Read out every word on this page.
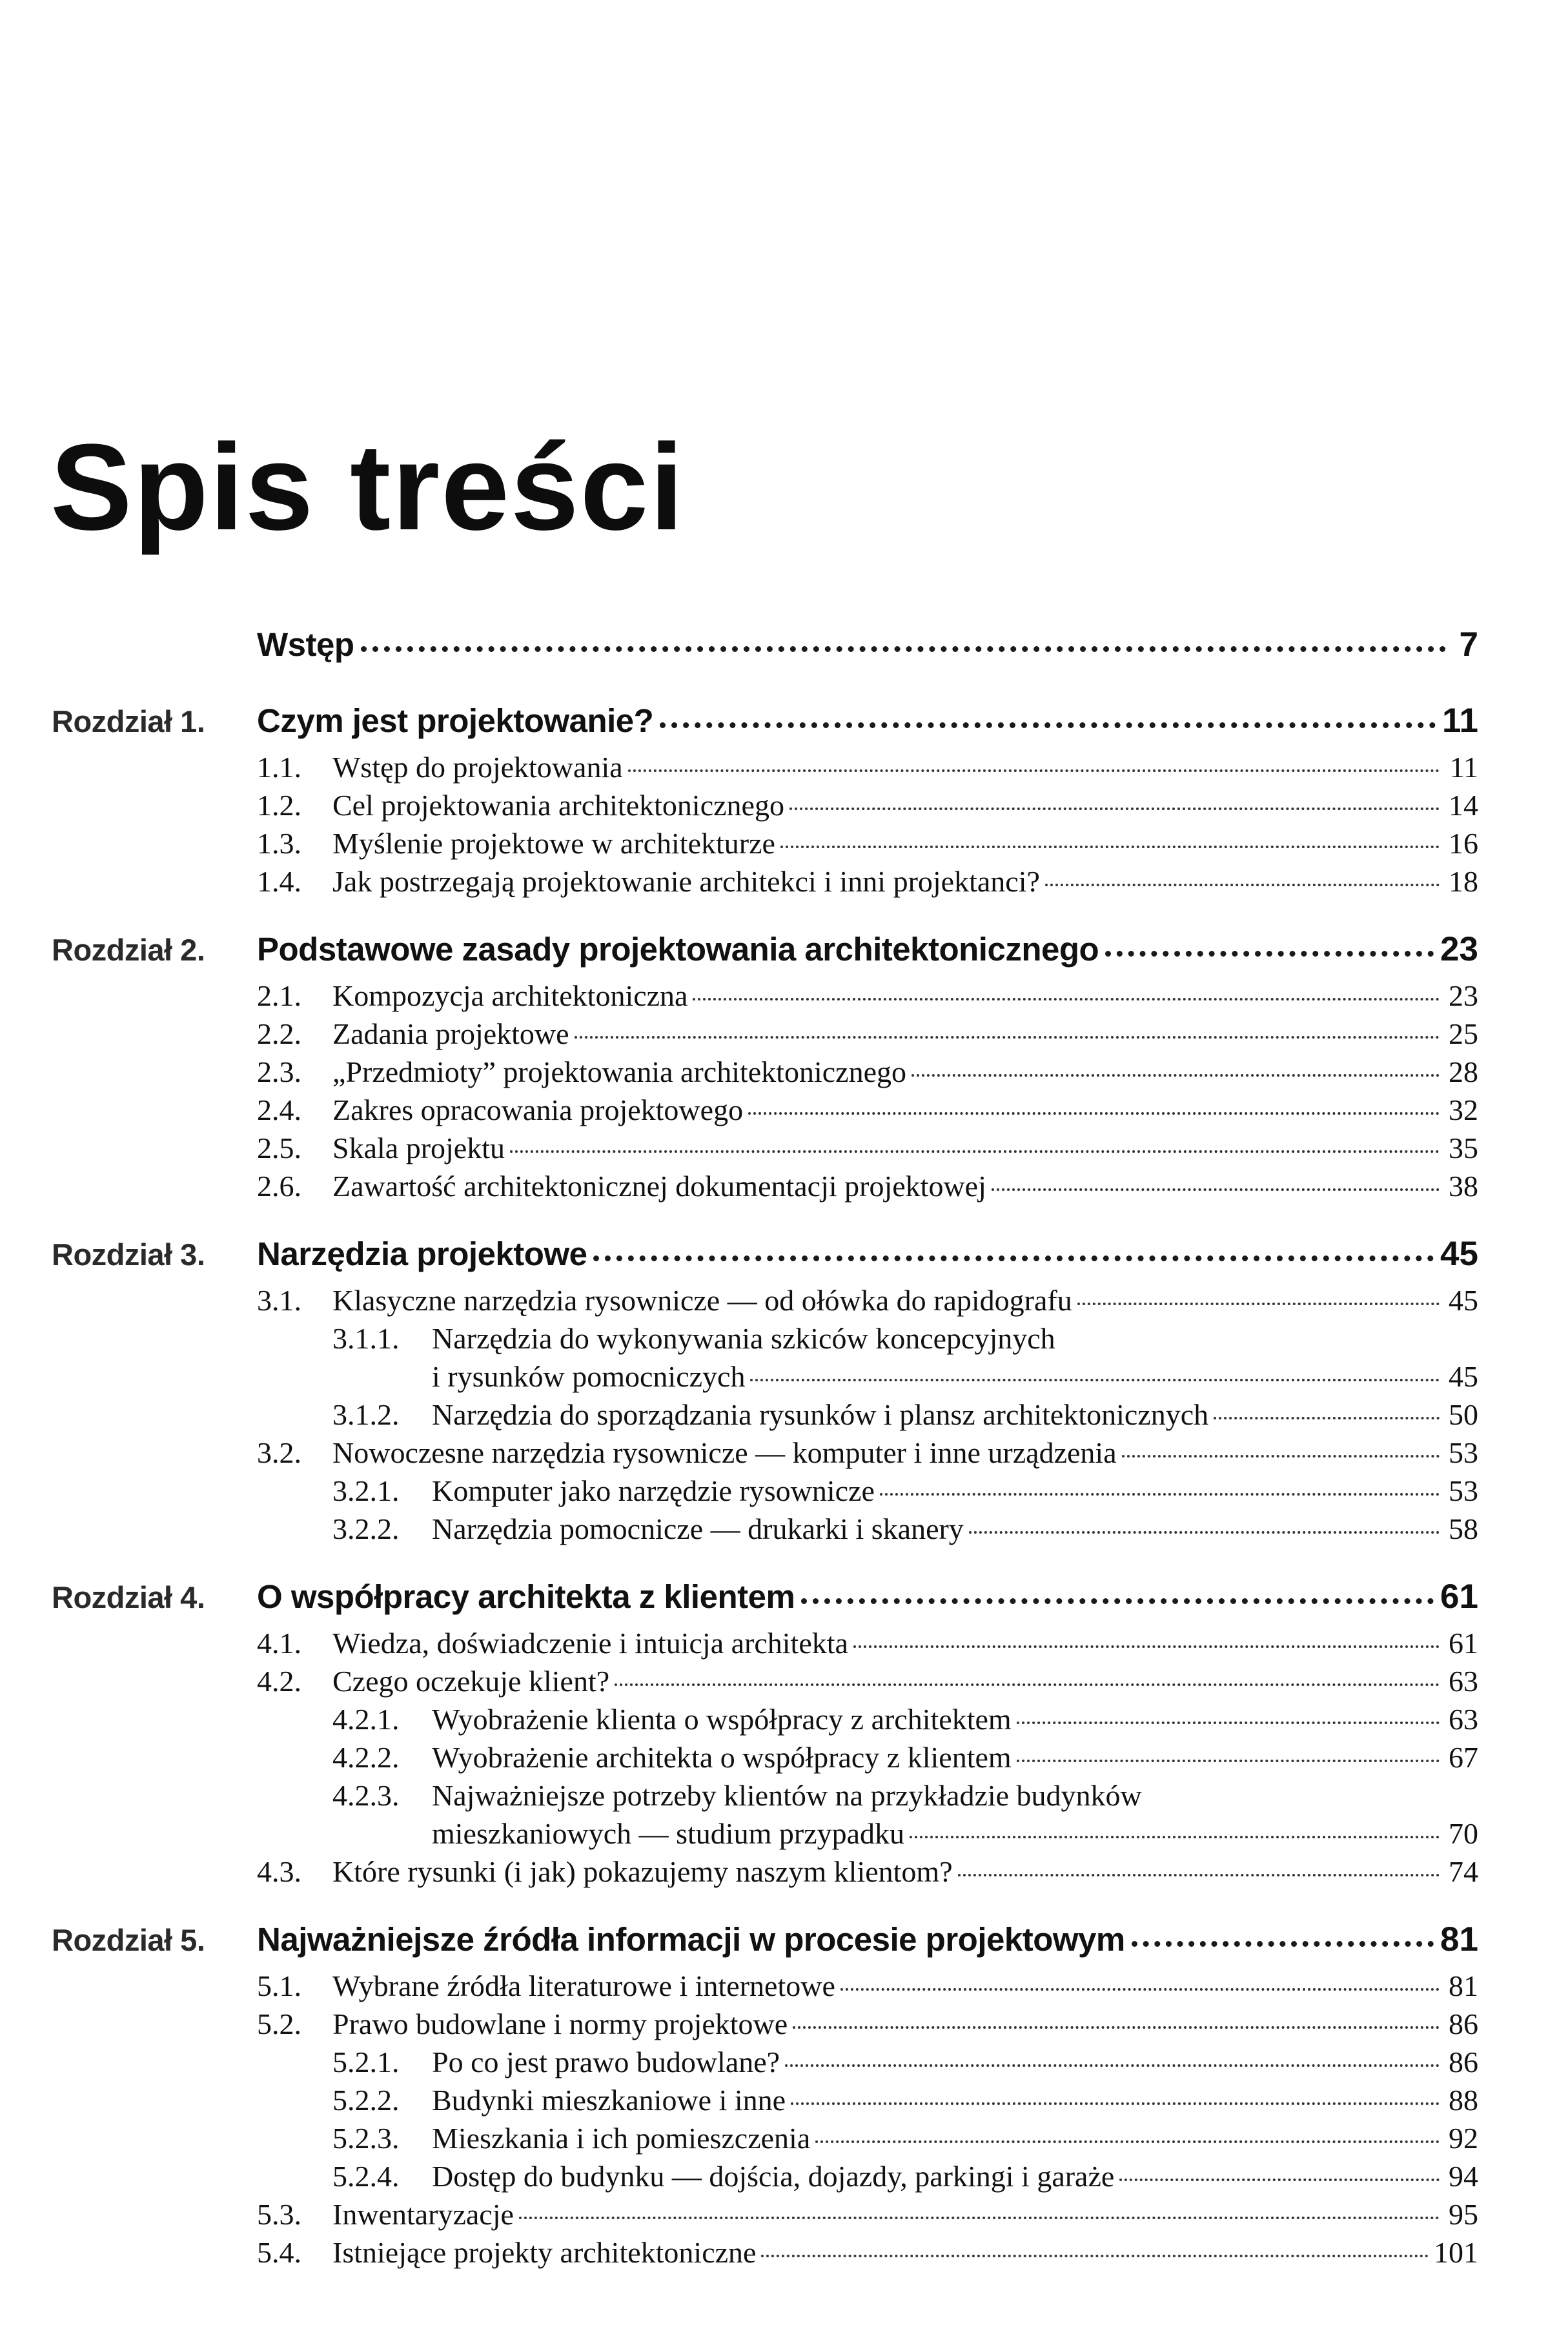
Spis treści
Wstęp	7
Rozdział 1.	Czym jest projektowanie?	11
1.1.	Wstęp do projektowania	11
1.2.	Cel projektowania architektonicznego	14
1.3.	Myślenie projektowe w architekturze	16
1.4.	Jak postrzegają projektowanie architekci i inni projektanci?	18
Rozdział 2.	Podstawowe zasady projektowania architektonicznego	23
2.1.	Kompozycja architektoniczna	23
2.2.	Zadania projektowe	25
2.3.	„Przedmioty” projektowania architektonicznego	28
2.4.	Zakres opracowania projektowego	32
2.5.	Skala projektu	35
2.6.	Zawartość architektonicznej dokumentacji projektowej	38
Rozdział 3.	Narzędzia projektowe	45
3.1.	Klasyczne narzędzia rysownicze — od ołówka do rapidografu	45
3.1.1.	Narzędzia do wykonywania szkiców koncepcyjnych
i rysunków pomocniczych	45
3.1.2.	Narzędzia do sporządzania rysunków i plansz architektonicznych	50
3.2.	Nowoczesne narzędzia rysownicze — komputer i inne urządzenia	53
3.2.1.	Komputer jako narzędzie rysownicze	53
3.2.2.	Narzędzia pomocnicze — drukarki i skanery	58
Rozdział 4.	O współpracy architekta z klientem	61
4.1.	Wiedza, doświadczenie i intuicja architekta	61
4.2.	Czego oczekuje klient?	63
4.2.1.	Wyobrażenie klienta o współpracy z architektem	63
4.2.2.	Wyobrażenie architekta o współpracy z klientem	67
4.2.3.	Najważniejsze potrzeby klientów na przykładzie budynków
mieszkaniowych — studium przypadku	70
4.3.	Które rysunki (i jak) pokazujemy naszym klientom?	74
Rozdział 5.	Najważniejsze źródła informacji w procesie projektowym	81
5.1.	Wybrane źródła literaturowe i internetowe	81
5.2.	Prawo budowlane i normy projektowe	86
5.2.1.	Po co jest prawo budowlane?	86
5.2.2.	Budynki mieszkaniowe i inne	88
5.2.3.	Mieszkania i ich pomieszczenia	92
5.2.4.	Dostęp do budynku — dojścia, dojazdy, parkingi i garaże	94
5.3.	Inwentaryzacje	95
5.4.	Istniejące projekty architektoniczne	101
